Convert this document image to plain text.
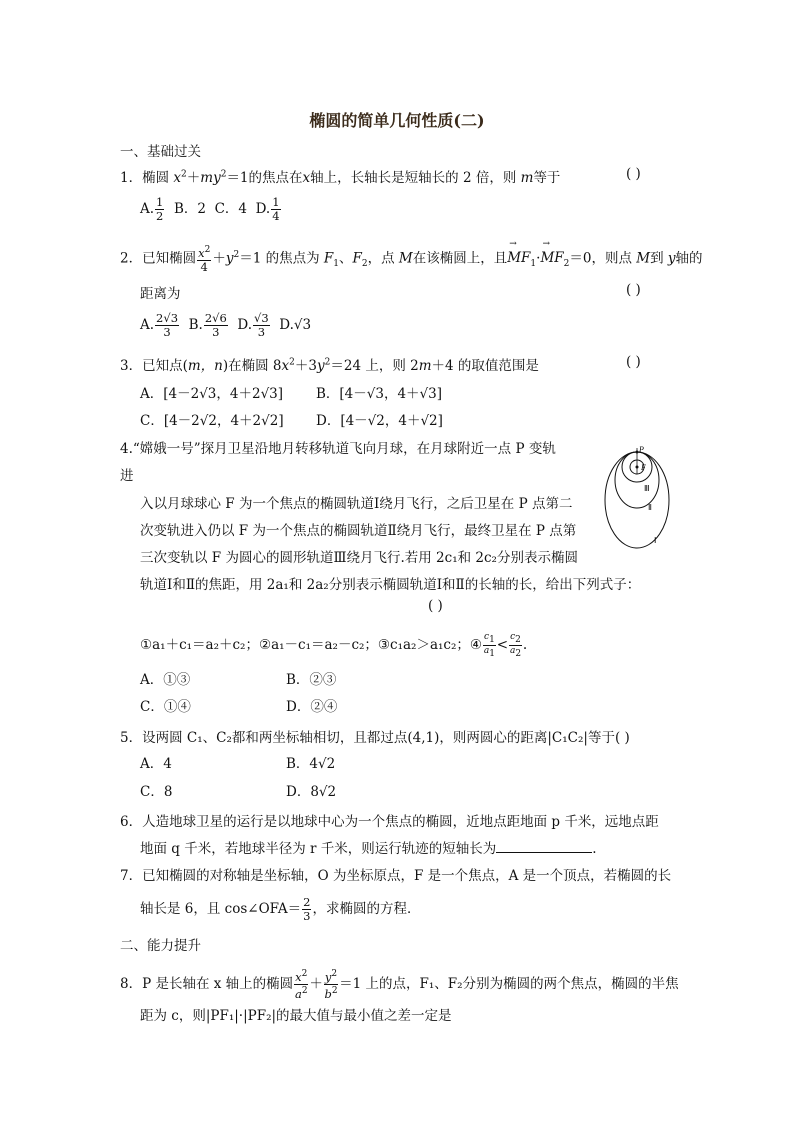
椭圆的简单几何性质(二)
一、基础过关
1．椭圆 $x^2+my^2=1$的焦点在x轴上，长轴长是短轴长的 2 倍，则 m等于	( )
A. $\frac{1}{2}$ B．2 C．4 D. $\frac{1}{4}$
2．已知椭圆 $\frac{x^2}{4} +y^2=1$ 的焦点为 $F_1$、$F_2$，点 M在该椭圆上，且→ $MF_1\cdot\to MF_2=0$，则点 M到 y轴的
距离为	( )
A. $\frac{2√3}{3} B$. $\frac{2√6}{3} D$. $\frac{√3}{3} D.√3$
3．已知点(m，n)在椭圆 $8x^2+3y^2=24$ 上，则 2m＋4 的取值范围是	( )
A．[4－2√3，4＋2√3] B．[4－√3，4＋√3]
C．[4－2√2，4＋2√2] D．[4－√2，4＋√2]
4.“嫦娥一号”探月卫星沿地月转移轨道飞向月球，在月球附近一点 P 变轨
进
入以月球球心 F 为一个焦点的椭圆轨道Ⅰ绕月飞行，之后卫星在 P 点第二
次变轨进入仍以 F 为一个焦点的椭圆轨道Ⅱ绕月飞行，最终卫星在 P 点第
三次变轨以 F 为圆心的圆形轨道Ⅲ绕月飞行.若用 2c₁和 2c₂分别表示椭圆
轨道Ⅰ和Ⅱ的焦距，用 2a₁和 2a₂分别表示椭圆轨道Ⅰ和Ⅱ的长轴的长，给出下列式子：
( )
①a₁＋c₁＝a₂＋c₂；②a₁－c₁＝a₂－c₂；③c₁a₂＞a₁c₂；④ $\frac{c1}{a1} < \frac{c2}{a2}$ .
A．①③	B．②③
C．①④	D．②④
P
F
Ⅲ
Ⅱ
Ⅰ
5．设两圆 C₁、C₂都和两坐标轴相切，且都过点(4,1)，则两圆心的距离|C₁C₂|等于( )
A．4	B．4√2
C．8	D．8√2
6．人造地球卫星的运行是以地球中心为一个焦点的椭圆，近地点距地面 p 千米，远地点距
地面 q 千米，若地球半径为 r 千米，则运行轨迹的短轴长为	.
7．已知椭圆的对称轴是坐标轴，O 为坐标原点，F 是一个焦点，A 是一个顶点，若椭圆的长
轴长是 6，且 cos∠OFA＝ $\frac{2}{3}$ ，求椭圆的方程．
二、能力提升
8．P 是长轴在 x 轴上的椭圆 $\frac{x^2}{a^2} + \frac{y^2}{b^2} =1$ 上的点，F₁、F₂分别为椭圆的两个焦点，椭圆的半焦
距为 c，则|PF₁|·|PF₂|的最大值与最小值之差一定是
